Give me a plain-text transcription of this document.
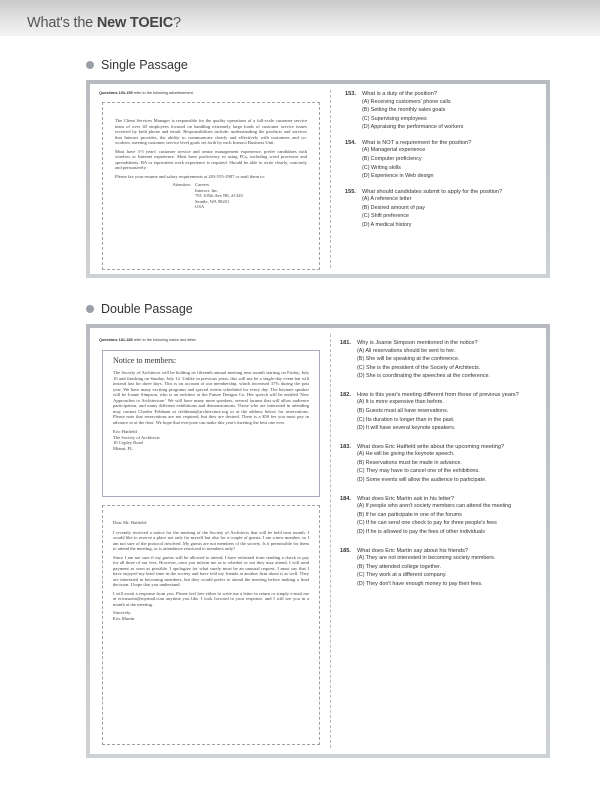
What's the New TOEIC?
Single Passage
Questions 153-155 refer to the following advertisement.

The Client Services Manager is responsible for the quality operations of a full-scale customer service team of over 40 employees focused on handling extremely large loads of customer service issues received by both phone and email. Responsibilities include: understanding the products and services that Interact provides, the ability to communicate clearly and effectively with customers and co-workers, meeting customer service level goals set forth by each Interact Business Unit.

Must have 3-5 years' customer service and senior management experience, prefer candidates with wireless or Internet experience. Must have proficiency in using PCs, including word processor and spreadsheets. BA or equivalent work experience is required. Should be able to write clearly, concisely and persuasively.

Please fax your resume and salary requirements at 203-555-2987 or mail them to:

Attention: Careers
Interact, Inc.
701 105th Ave NE, #1320
Seattle, WA 98201
USA
153. What is a duty of the position?
(A) Receiving customers' phone calls
(B) Setting the monthly sales goals
(C) Supervising employees
(D) Appraising the performance of workers
154. What is NOT a requirement for the position?
(A) Managerial experience
(B) Computer proficiency
(C) Writing skills
(D) Experience in Web design
155. What should candidates submit to apply for the position?
(A) A reference letter
(B) Desired amount of pay
(C) Shift preference
(D) A medical history
Double Passage
Questions 181-185 refer to the following notice and letter.
Notice to members:

The Society of Architects will be holding its fifteenth annual meeting next month starting on Friday, July 10 and finishing on Sunday, July 12. Unlike in previous years, this will not be a single-day event but will instead last for three days. This is on account of our membership, which increased 37% during the past year. We have many exciting programs and special events scheduled for every day. The keynote speaker will be Joanie Simpson, who is an architect at the Future Designs Co. Her speech will be entitled 'New Approaches to Architecture.' We will have many more speakers, several forums that will allow audience participation, and many different exhibitions and demonstrations. Those who are interested in attending may contact Charles Feldman at cfeldman@architecture.org or at the address below for reservations. Please note that reservations are not required, but they are desired. There is a $50 fee you must pay in advance or at the door. We hope that everyone can make this year's meeting the best one ever.

Eric Hatfield
The Society of Architects
10 Copley Road
Miami, FL

Dear Mr. Hatfield:

I recently received a notice for the meeting of the Society of Architects that will be held next month. I would like to reserve a place not only for myself but also for a couple of guests. I am a new member, so I am not sure of the protocol involved. My guests are not members of the society. Is it permissible for them to attend the meeting, or is attendance restricted to members only?

Since I am not sure if my guests will be allowed to attend, I have refrained from sending a check to pay for all three of our fees. However, once you inform me as to whether or not they may attend, I will send payment as soon as possible. I apologize for what surely must be an unusual request. I must say that I have enjoyed my brief time in the society and have told my friends at another firm about it as well. They are interested in becoming members, but they would prefer to attend the meeting before making a final decision. I hope that you understand.

I will await a response from you. Please feel free either to write me a letter in return or simply e-mail me at ericmartin@mymail.com anytime you like. I look forward to your response, and I will see you in a month at the meeting.

Sincerely,
Eric Martin
181. Why is Joanie Simpson mentioned in the notice?
(A) All reservations should be sent to her.
(B) She will be speaking at the conference.
(C) She is the president of the Society of Architects.
(D) She is coordinating the speeches at the conference.
182. How is this year's meeting different from those of previous years?
(A) It is more expensive than before.
(B) Guests must all have reservations.
(C) Its duration is longer than in the past.
(D) It will have several keynote speakers.
183. What does Eric Hatfield write about the upcoming meeting?
(A) He will be giving the keynote speech.
(B) Reservations must be made in advance.
(C) They may have to cancel one of the exhibitions.
(D) Some events will allow the audience to participate.
184. What does Eric Martin ask in his letter?
(A) If people who aren't society members can attend the meeting
(B) If he can participate in one of the forums
(C) If he can send one check to pay for three people's fees
(D) If he is allowed to pay the fees of other individuals
185. What does Eric Martin say about his friends?
(A) They are not interested in becoming society members.
(B) They attended college together.
(C) They work at a different company.
(D) They don't have enough money to pay their fees.
